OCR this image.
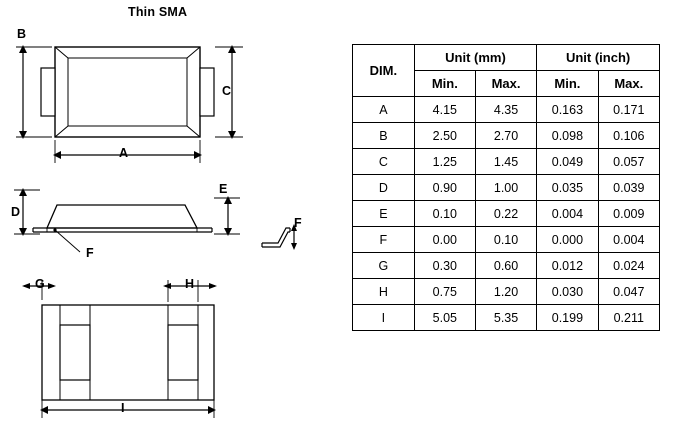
Thin SMA
B
C
A
D
E
F
F
G	H
I
DIM.	Unit (mm)		Unit (inch)	
	Min.	Max.	Min.	Max.
A	4.15	4.35	0.163	0.171
B	2.50	2.70	0.098	0.106
C	1.25	1.45	0.049	0.057
D	0.90	1.00	0.035	0.039
E	0.10	0.22	0.004	0.009
F	0.00	0.10	0.000	0.004
G	0.30	0.60	0.012	0.024
H	0.75	1.20	0.030	0.047
I	5.05	5.35	0.199	0.211
